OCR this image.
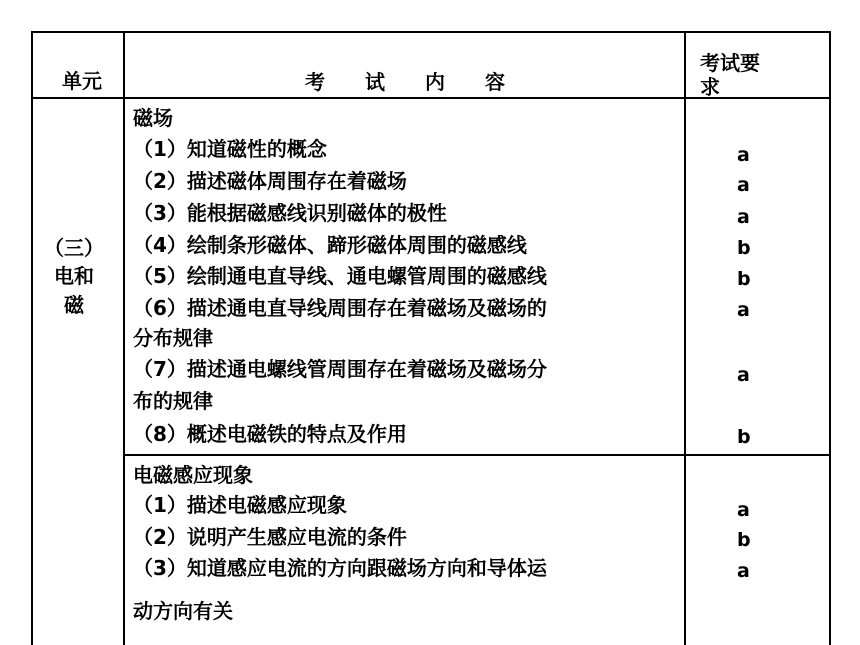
单元	考　　试　　内　　容
考试要
求
（三）
电和
磁
磁场
（1）知道磁性的概念
（2）描述磁体周围存在着磁场
（3）能根据磁感线识别磁体的极性
（4）绘制条形磁体、蹄形磁体周围的磁感线
（5）绘制通电直导线、通电螺管周围的磁感线
（6）描述通电直导线周围存在着磁场及磁场的
分布规律
（7）描述通电螺线管周围存在着磁场及磁场分
布的规律
（8）概述电磁铁的特点及作用
a
a
a
b
b
a
a
b
电磁感应现象
（1）描述电磁感应现象
（2）说明产生感应电流的条件
（3）知道感应电流的方向跟磁场方向和导体运
动方向有关
a
b
a
